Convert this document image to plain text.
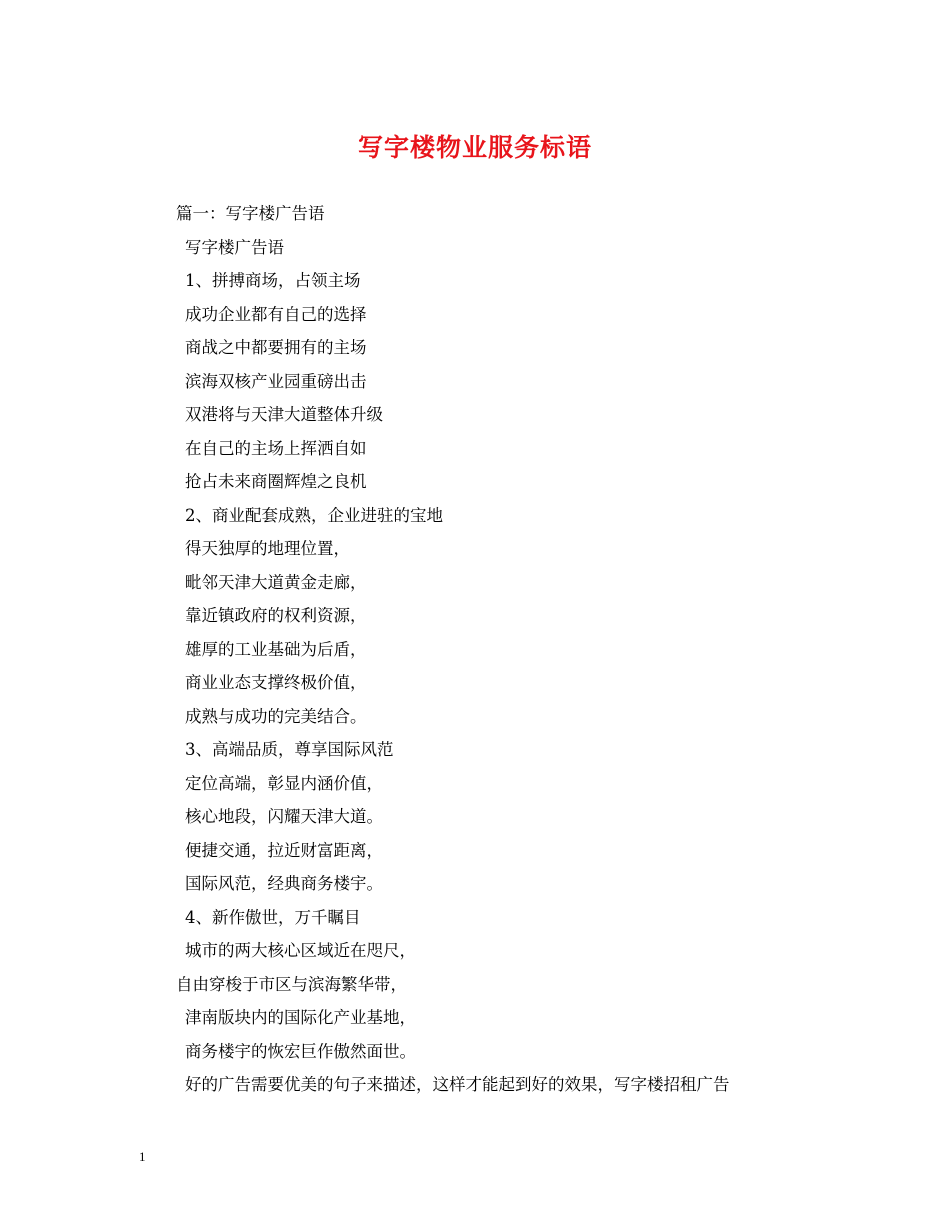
写字楼物业服务标语
篇一：写字楼广告语
写字楼广告语
1、拼搏商场，占领主场
成功企业都有自己的选择
商战之中都要拥有的主场
滨海双核产业园重磅出击
双港将与天津大道整体升级
在自己的主场上挥洒自如
抢占未来商圈辉煌之良机
2、商业配套成熟，企业进驻的宝地
得天独厚的地理位置，
毗邻天津大道黄金走廊，
靠近镇政府的权利资源，
雄厚的工业基础为后盾，
商业业态支撑终极价值，
成熟与成功的完美结合。
3、高端品质，尊享国际风范
定位高端，彰显内涵价值，
核心地段，闪耀天津大道。
便捷交通，拉近财富距离，
国际风范，经典商务楼宇。
4、新作傲世，万千瞩目
城市的两大核心区域近在咫尺，
自由穿梭于市区与滨海繁华带，
津南版块内的国际化产业基地，
商务楼宇的恢宏巨作傲然面世。
好的广告需要优美的句子来描述，这样才能起到好的效果，写字楼招租广告
1
